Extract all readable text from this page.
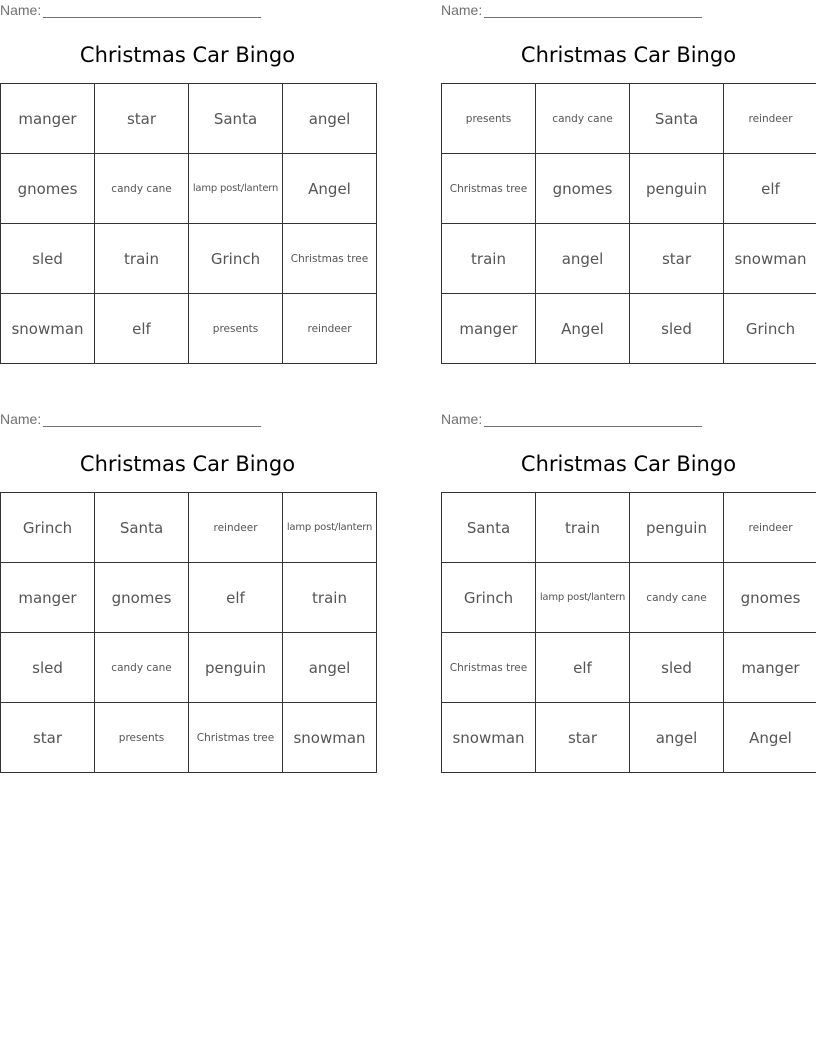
Name:
Christmas Car Bingo
manger	star	Santa	angel
gnomes	candy cane	lamp post/lantern	Angel
sled	train	Grinch	Christmas tree
snowman	elf	presents	reindeer
Name:
Christmas Car Bingo
presents	candy cane	Santa	reindeer
Christmas tree	gnomes	penguin	elf
train	angel	star	snowman
manger	Angel	sled	Grinch
Name:
Christmas Car Bingo
Grinch	Santa	reindeer	lamp post/lantern
manger	gnomes	elf	train
sled	candy cane	penguin	angel
star	presents	Christmas tree	snowman
Name:
Christmas Car Bingo
Santa	train	penguin	reindeer
Grinch	lamp post/lantern	candy cane	gnomes
Christmas tree	elf	sled	manger
snowman	star	angel	Angel
